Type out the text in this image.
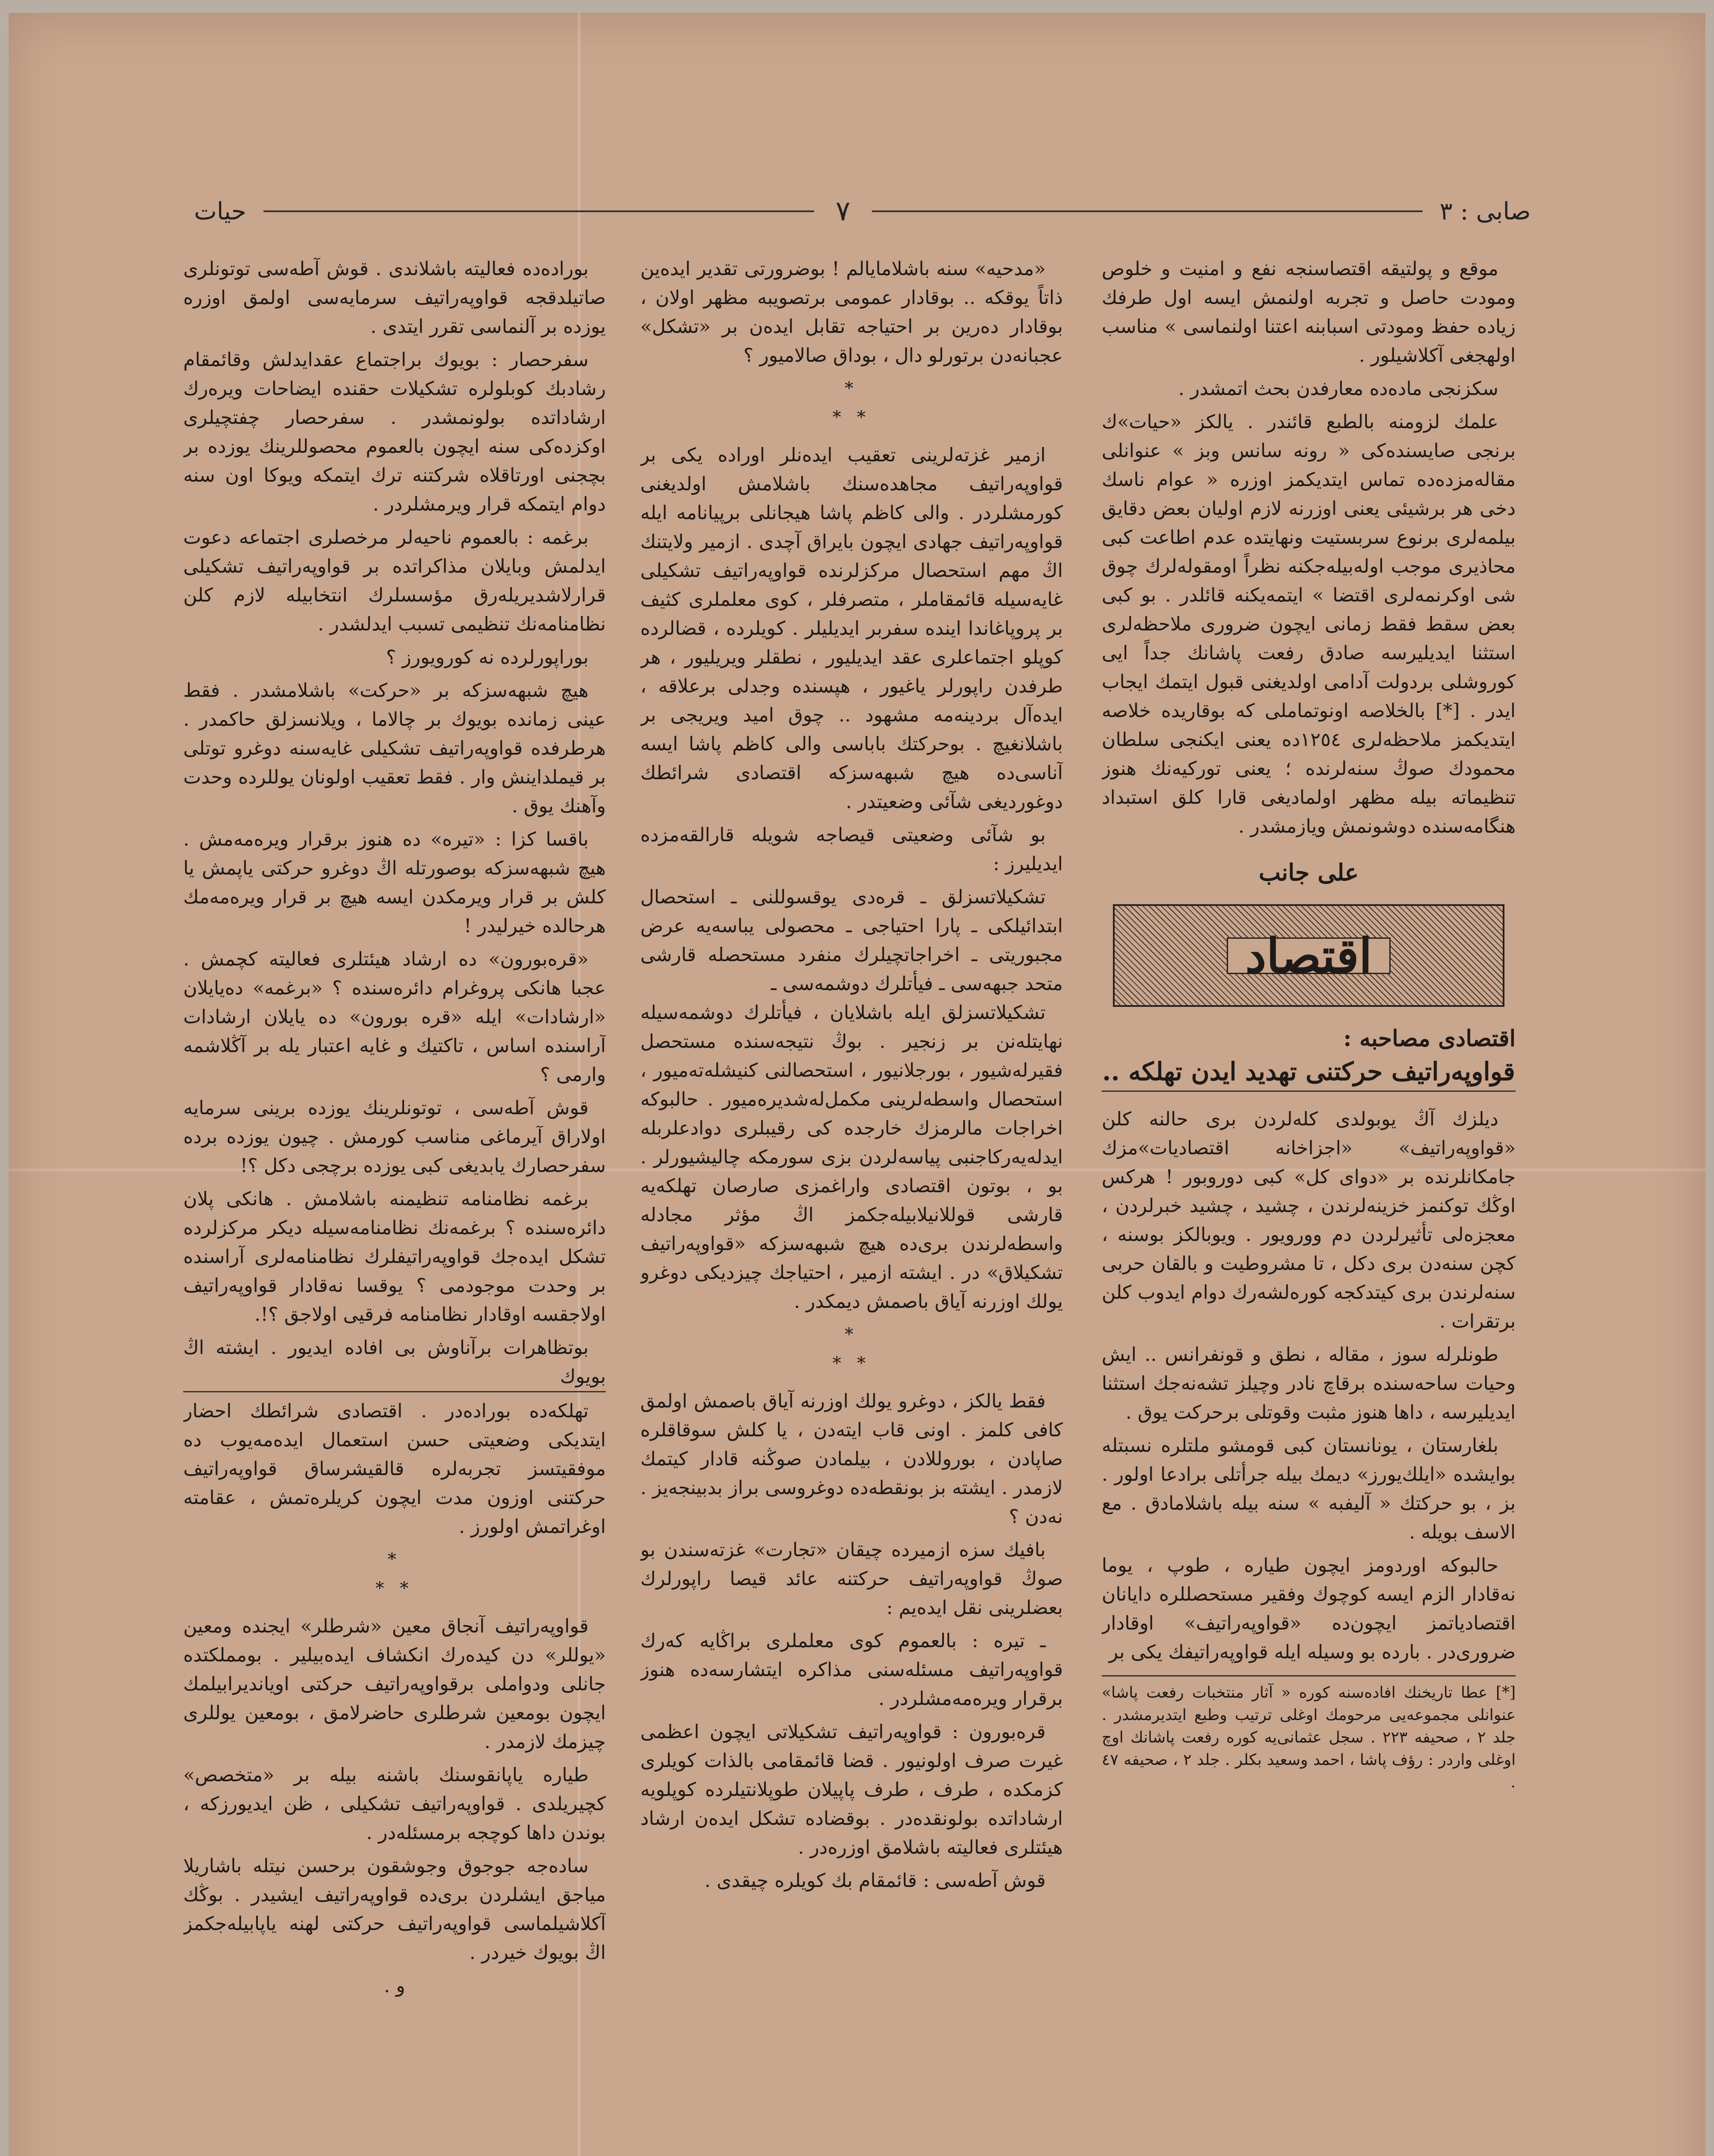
صابى : ٣
٧
حيات

موقع و پولتيقه اقتصاسنجه نفع و امنيت و خلوص ومودت حاصل و تجربه اولنمش ايسه اول طرفك زياده حفظ ومودتى اسبابنه اعتنا اولنماسى » مناسب اولهجغى آكلاشيلور .

سكزنجى ماده‌ده معارفدن بحث اتمشدر .

علمك لزومنه بالطبع قائندر . يالكز «حيات»ك برنجى صايسنده‌كى « رونه سانس وبز » عنوانلى مقاله‌مزده‌ده تماس ايتديكمز اوزره « عوام ناسك دخى هر برشيئى يعنى اوزرنه لازم اوليان بعض دقايق بيلمه‌لرى برنوع سربستيت ونهايتده عدم اطاعت كبى محاذيرى موجب اوله‌بيله‌جكنه نظراً اومقوله‌لرك چوق شى اوكرنمه‌لرى اقتضا » ايتمه‌يكنه قائلدر . بو كبى بعض سقط فقط زمانى ايچون ضرورى ملاحظه‌لرى استثنا ايديليرسه صادق رفعت پاشانك جداً ايى كوروشلى بردولت آدامى اولديغنى قبول ايتمك ايجاب ايدر . [*] بالخلاصه اونوتماملى كه بوقاريده خلاصه ايتديكمز ملاحظه‌لرى ١٢٥٤ده يعنى ايكنجى سلطان محمودك صوڭ سنه‌لرنده ؛ يعنى توركيه‌نك هنوز تنظيماته بيله مظهر اولماديغى قارا كلق استبداد هنگامه‌سنده دوشونمش ويازمشدر .

على جانب
اقتصاد
اقتصادى مصاحبه :
قواوپه‌راتيف حركتنى تهديد ايدن تهلكه ..

ديلزك آڭ يوبولدى كله‌لردن برى حالنه كلن «قواوپه‌راتيف» «اجزاخانه اقتصاديات»مزك جامكانلرنده بر «دواى كل» كبى دوروبور ! هركس اوڭك توكنمز خزينه‌لرندن ، چشيد ، چشيد خبرلردن ، معجزه‌لى تأثيرلردن دم وورويور . ويوبالكز بوسنه ، كچن سنه‌دن برى دكل ، تا مشروطيت و بالقان حربى سنه‌لرندن برى كيتدكجه كوره‌لشه‌رك دوام ايدوب كلن برتقرات .

طونلرله سوز ، مقاله ، نطق و قونفرانس .. ايش وحيات ساحه‌سنده برقاچ نادر وچيلز تشه‌نه‌جك استثنا ايديليرسه ، داها هنوز مثبت وقوتلى برحركت يوق .

بلغارستان ، يونانستان كبى قومشو ملتلره نسبتله بوايشده «ايلك‌يورز» ديمك بيله جرأتلى برادعا اولور . بز ، بو حركتك « آليفبه » سنه بيله باشلامادق . مع الاسف بويله .

حالبوكه اوردومز ايچون طياره ، طوپ ، يوما نه‌قادار الزم ايسه كوچوك وفقير مستحصللره دايانان اقتصادياتمز ايچون‌ده «قواوپه‌راتيف» اوقادار ضرورى‌در . بارده بو وسيله ايله قواوپه‌راتيفك يكى بر

[*] عطا تاريخنك افاده‌سنه كوره « آثار منتخبات رفعت پاشا» عنوانلى مجموعه‌يى مرحومك اوغلى ترتيب وطبع ايتديرمشدر . جلد ٢ ، صحيفه ٢٢٣ . سجل عثمانى‌يه كوره رفعت پاشانك اوچ اوغلى واردر : رؤف پاشا ، احمد وسعيد بكلر . جلد ٢ ، صحيفه ٤٧ .

«مدحيه» سنه باشلامايالم ! بوضرورتى تقدير ايده‌ين ذاتاً يوقكه .. بوقادار عمومى برتصويبه مظهر اولان ، بوقادار دەرين بر احتياجه تقابل ايدەن بر «تشكل» عجبانه‌دن برتورلو دال ، بوداق صالاميور ؟

*
* *

ازمير غزته‌لرينى تعقيب ايده‌نلر اوراده يكى بر قواوپه‌راتيف مجاهده‌سنك باشلامش اولديغنى كورمشلردر . والى كاظم پاشا هيجانلى برپيانامه ايله قواوپه‌راتيف جهادى ايچون بايراق آچدى . ازمير ولايتنك اڭ مهم استحصال مركزلرنده قواوپه‌راتيف تشكيلى غايه‌سيله قائمقاملر ، متصرفلر ، كوى معلملرى كثيف بر پروپاغاندا اينده سفربر ايديليلر . كويلرده ، قضالرده كوپلو اجتماعلرى عقد ايديليور ، نطقلر ويريليور ، هر طرفدن راپورلر ياغيور ، هپسنده وجدلى برعلاقه ، ايده‌آل بردينه‌مه مشهود .. چوق اميد ويريجى بر باشلانغيچ . بوحركتك بابا‌سى والى كاظم پاشا ايسه آناسى‌ده هيچ شبهه‌سزكه اقتصادى شرائطك دوغورديغى شآئى وضعيتدر .

بو شآئى وضعيتى قيصاجه شويله قارالقه‌مزده ايديليرز :

تشكيلاتسزلق ـ قره‌دى يوقسوللنى ـ استحصال ابتدائيلكى ـ پارا احتياجى ـ محصولى يباسه‌يه عرض مجبوريتى ـ اخراجاتچيلرك منفرد مستحصله قارشى متحد جبهه‌سى ـ فيأتلرك دوشمه‌سى ـ

تشكيلاتسزلق ايله باشلايان ، فيأتلرك دوشمه‌سيله نهايتلەنن بر زنجير . بوڭ نتيجه‌سنده مستحصل فقيرلەشيور ، بورجلانيور ، استحصالنى كنيشله‌تەميور ، استحصال واسطه‌لرينى مكمل‌لەشديره‌ميور . حالبوكه اخراجات مالرمزك خارجده كى رقيبلرى دوادعلربله ايدلەيەركاجنبى پياسه‌لردن بزى سورمكه چاليشيورلر . بو ، بوتون اقتصادى واراغمزى صارصان تهلكه‌يه قارشى قوللانيلابيله‌جكمز اڭ مؤثر مجادله واسطه‌لرندن برى‌ده هيچ شبهه‌سزكه «قواوپه‌راتيف تشكيلاق» در . ايشته ازمير ، احتياجك چيزديكى دوغرو يولك اوزرنه آياق باصمش ديمكدر .

*
* *

فقط يالكز ، دوغرو يولك اوزرنه آياق باصمش اولمق كافى كلمز . اونى قاب ايته‌دن ، يا كلش سوقاقلره صاپادن ، بوروللادن ، بيلمادن صوڭنه قادار كيتمك لازمدر . ايشته بز بونقطه‌ده دوغروسى براز بدبينجه‌يز . نه‌دن ؟

بافيك سزه ازميرده چيقان «تجارت» غزته‌سندن بو صوڭ قواوپه‌راتيف حركتنه عائد قيصا راپورلرك بعضلرينى نقل ايدەيم :

ـ تيره : بالعموم كوى معلملرى براڭايه كه‌رك قواوپه‌راتيف مسئله‌سنى مذاكره ايتشارسه‌ده هنوز برقرار ويره‌مه‌مشلردر .

قره‌بورون : قواوپه‌راتيف تشكيلاتى ايچون اعظمى غيرت صرف اولونيور . قضا قائمقامى بالذات كويلرى كزمكده ، طرف ، طرف پاپيلان طوپلانتيلرده كوپلويه ارشاداتده بولونقده‌در . بوقضاده تشكل ايدەن ارشاد هيئتلرى فعاليته باشلامق اوزره‌در .

قوش آطه‌سى : قائمقام بك كويلره چيقدى .

بوراده‌ده فعاليته باشلاندى . قوش آطه‌سى توتونلرى صاتيلدقجه قواوپه‌راتيف سرمايه‌سى اولمق اوزره يوزده بر آلنماسى تقرر ايتدى .

سفرحصار : بويوك براجتماع عقدايدلش وقائمقام رشادبك كوبلولره تشكيلات حقنده ايضاحات ويره‌رك ارشاداتده بولونمشدر . سفرحصار چفتچيلرى اوكزده‌كى سنه ايچون بالعموم محصوللرينك يوزده بر بچجنى اورتاقلاه شركتنه ترك ايتمكه ويوكا اون سنه دوام ايتمكه قرار ويرمشلردر .

برغمه : بالعموم ناحيه‌لر مرخصلرى اجتماعه دعوت ايدلمش وبايلان مذاكراتده بر قواوپه‌راتيف تشكيلى قرارلاشديريلەرق مؤسسلرك انتخابيله لازم كلن نظامنامه‌نك تنظيمى تسبب ايدلشدر .

بوراپورلرده نه كورويورز ؟

هيچ شبهه‌سزكه بر «حركت» باشلامشدر . فقط عينى زمانده بويوك بر چالاما ، ويلانسزلق حاكمدر . هرطرفده قواوپه‌راتيف تشكيلى غايه‌سنه دوغرو توتلى بر قيملداينش وار . فقط تعقيب اولونان يوللرده وحدت وآهنك يوق .

باقسا كزا : «تيره» ده هنوز برقرار ويره‌مه‌مش . هيچ شبهه‌سزكه بوصورتله اڭ دوغرو حركتى ياپمش يا كلش بر قرار ويرمكدن ايسه هيچ بر قرار ويره‌مه‌مك هرحالده خيرليدر !

«قره‌بورون» ده ارشاد هيئتلرى فعاليته كچمش . عجبا هانكى پروغرام دائره‌سنده ؟ «برغمه» ده‌يايلان «ارشادات» ايله «قره بورون» ده يايلان ارشادات آراسنده اساس ، تاكتيك و غايه اعتبار يله بر آڭلاشمه وارمى ؟

قوش آطه‌سى ، توتونلرينك يوزده برينى سرمايه اولاراق آيرماغى مناسب كورمش . چيون يوزده برده سفرحصارك يابديغى كبى يوزده برچجى دكل ؟!

برغمه نظامنامه تنظيمنه باشلامش . هانكى پلان دائره‌سنده ؟ برغمه‌نك نظامنامه‌سيله ديكر مركزلرده تشكل ايدەجك قواوپه‌راتيفلرك نظامنامه‌لرى آراسنده بر وحدت موجودمى ؟ يوقسا نه‌قادار قواوپه‌راتيف اولاجقسه اوقادار نظامنامه فرقيى اولاجق ؟!.

بوتظاهرات برآناوش بى افاده ايديور . ايشته اڭ بويوك

تهلكه‌ده بوراده‌در . اقتصادى شرائطك احضار ايتديكى وضعيتى حسن استعمال ايده‌مه‌يوب ده موفقيتسز تجربه‌لره قالقيشرساق قواوپه‌راتيف حركتنى اوزون مدت ايچون كريلره‌تمش ، عقامته اوغراتمش اولورز .

*
* *

قواوپه‌راتيف آنجاق معين «شرطلر» ايجنده ومعين «يوللر» دن كيده‌رك انكشاف ايده‌بيلير . بومملكتده جانلى ودواملى برقواوپه‌راتيف حركتى اويانديرابيلمك ايچون بومعين شرطلرى حاضرلامق ، بومعين يوللرى چيزمك لازمدر .

طياره ياپانقوسنك باشنه بيله بر «متخصص» كچيريلدى . قواوپه‌راتيف تشكيلى ، ظن ايديورزكه ، بوندن داها كوچجه برمسئله‌در .

ساده‌جه جوجوق وجوشقون برحسن نيتله باشاريلا مياجق ايشلردن برى‌ده قواوپه‌راتيف ايشيدر . بوڭك آكلاشيلماسى قواوپه‌راتيف حركتى لهنه ياپابيله‌جكمز اڭ بويوك خيردر .

و .
